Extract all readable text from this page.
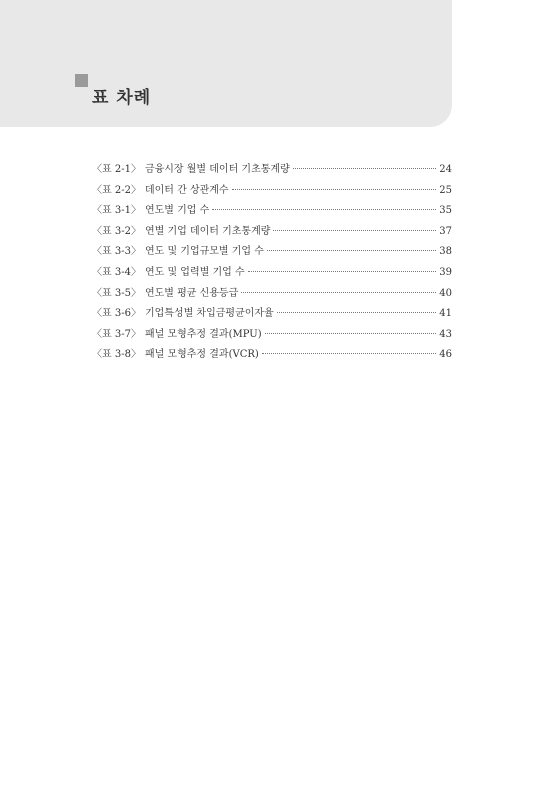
표 차례
〈표 2-1〉 금융시장 월별 데이터 기초통계량	24
〈표 2-2〉 데이터 간 상관계수	25
〈표 3-1〉 연도별 기업 수	35
〈표 3-2〉 연별 기업 데이터 기초통계량	37
〈표 3-3〉 연도 및 기업규모별 기업 수	38
〈표 3-4〉 연도 및 업력별 기업 수	39
〈표 3-5〉 연도별 평균 신용등급	40
〈표 3-6〉 기업특성별 차입금평균이자율	41
〈표 3-7〉 패널 모형추정 결과(MPU)	43
〈표 3-8〉 패널 모형추정 결과(VCR)	46
